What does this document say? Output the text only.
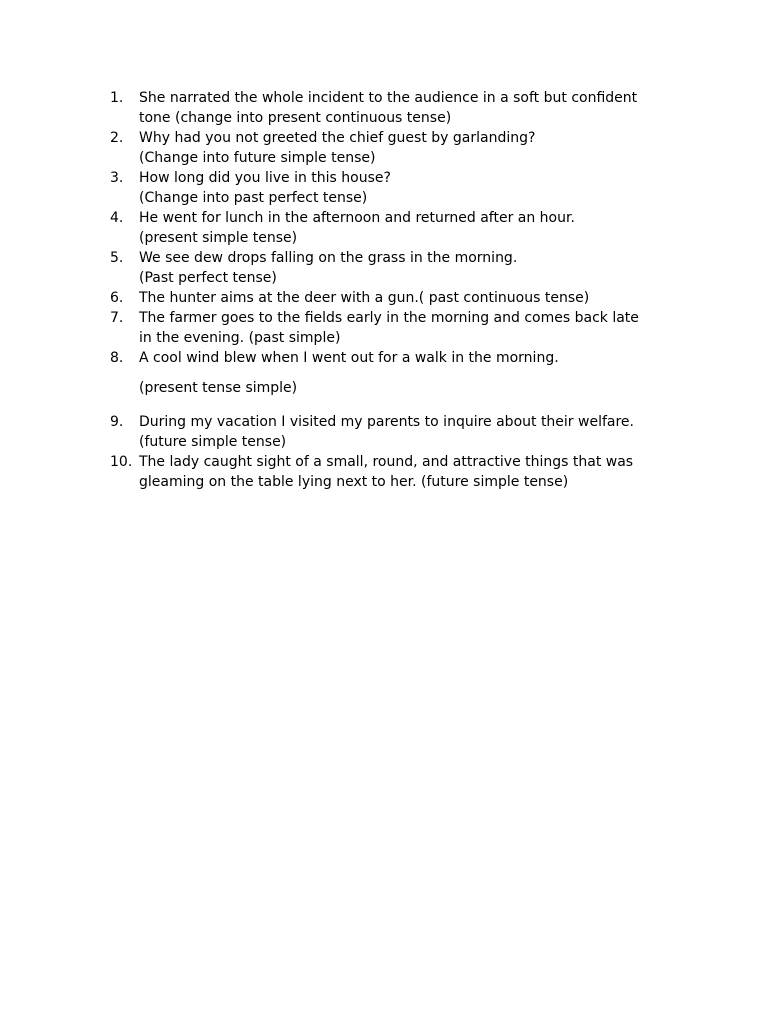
1.	She narrated the whole incident to the audience in a soft but confident
tone (change into present continuous tense)
2.	Why had you not greeted the chief guest by garlanding?
(Change into future simple tense)
3.	How long did you live in this house?
(Change into past perfect tense)
4.	He went for lunch in the afternoon and returned after an hour.
(present simple tense)
5.	We see dew drops falling on the grass in the morning.
(Past perfect tense)
6.	The hunter aims at the deer with a gun.( past continuous tense)
7.	The farmer goes to the fields early in the morning and comes back late
in the evening. (past simple)
8.	A cool wind blew when I went out for a walk in the morning.
(present tense simple)
9.	During my vacation I visited my parents to inquire about their welfare.
(future simple tense)
10. The lady caught sight of a small, round, and attractive things that was
gleaming on the table lying next to her. (future simple tense)
